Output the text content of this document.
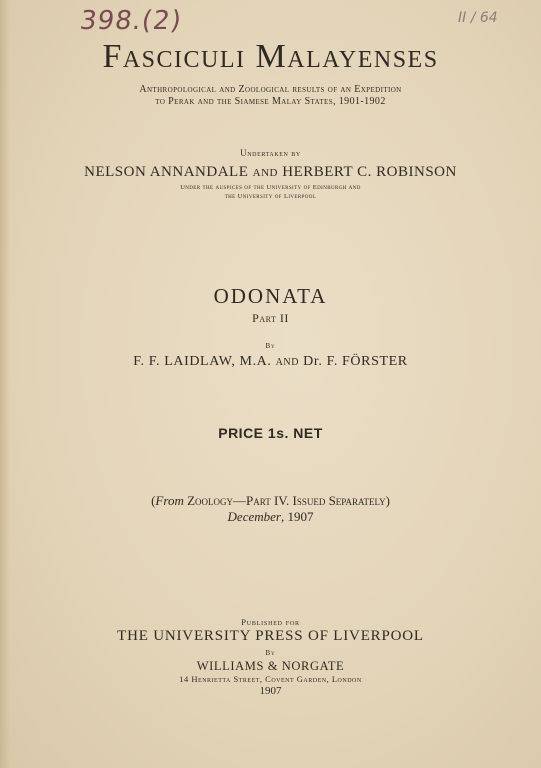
398.(2)	II / 64
Fasciculi Malayenses
Anthropological and Zoological results of an Expedition
to Perak and the Siamese Malay States, 1901-1902
Undertaken by
NELSON ANNANDALE and HERBERT C. ROBINSON
Under the auspices of the University of Edinburgh and
the University of Liverpool
ODONATA
Part II
By
F. F. LAIDLAW, M.A. and Dr. F. FÖRSTER
PRICE 1s. NET
(From Zoology—Part IV. Issued Separately)
December, 1907
Published for
THE UNIVERSITY PRESS OF LIVERPOOL
By
WILLIAMS & NORGATE
14 Henrietta Street, Covent Garden, London
1907
